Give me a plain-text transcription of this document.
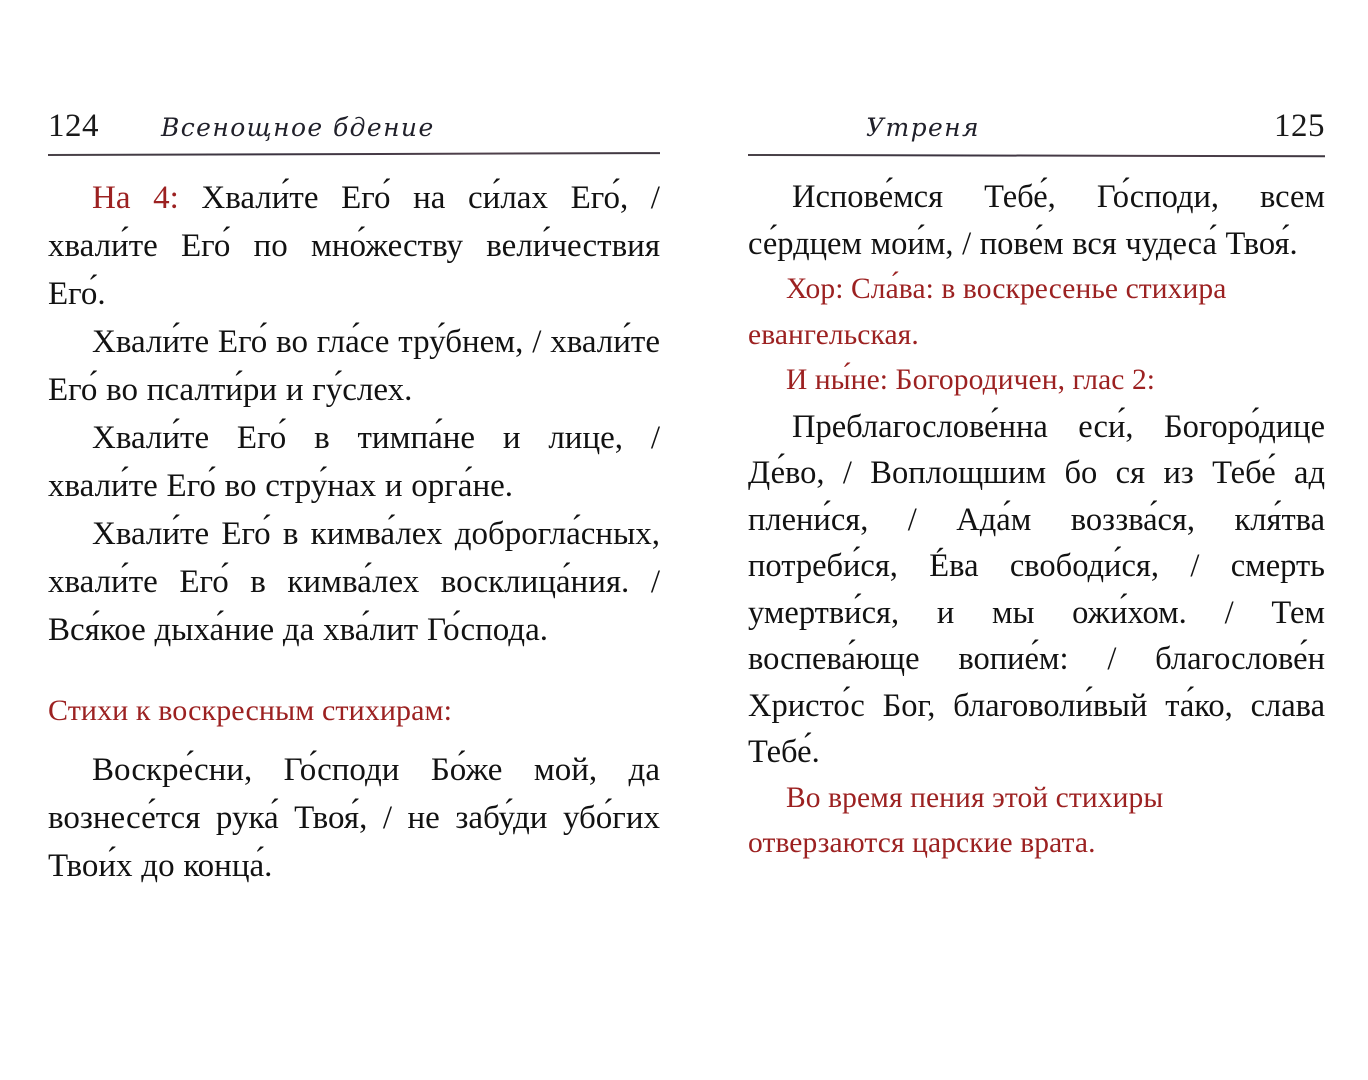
124 Всенощное бдение

На 4: Хвали́те Его́ на си́лах Его́, / хвали́те Его́ по мно́жеству вели́чествия Его́.

Хвали́те Его́ во гла́се тру́бнем, / хвали́те Его́ во псалти́ри и гу́слех.

Хвали́те Его́ в тимпа́не и лице, / хвали́те Его́ во стру́нах и орга́не.

Хвали́те Его́ в кимва́лех доброгла́сных, хвали́те Его́ в кимва́лех восклица́ния. / Вся́кое дыха́ние да хва́лит Го́спода.

Стихи к воскресным стихирам:

Воскре́сни, Го́споди Бо́же мой, да вознесе́тся рука́ Твоя́, / не забу́ди убо́гих Твои́х до конца́.

Утреня	125

Испове́мся Тебе́, Го́споди, всем се́рдцем мои́м, / пове́м вся чудеса́ Твоя́.

Хор: Сла́ва: в воскресенье стихира евангельская.

И ны́не: Богородичен, глас 2:

Преблагослове́нна еси́, Богоро́дице Де́во, / Воплощшим бо ся из Тебе́ ад плени́ся, / Ада́м воззва́ся, кля́тва потреби́ся, Éва свободи́ся, / смерть умертви́ся, и мы ожи́хом. / Тем воспева́юще вопие́м: / благослове́н Христо́с Бог, благоволи́вый та́ко, слава Тебе́.

Во время пения этой стихиры отверзаются царские врата.
